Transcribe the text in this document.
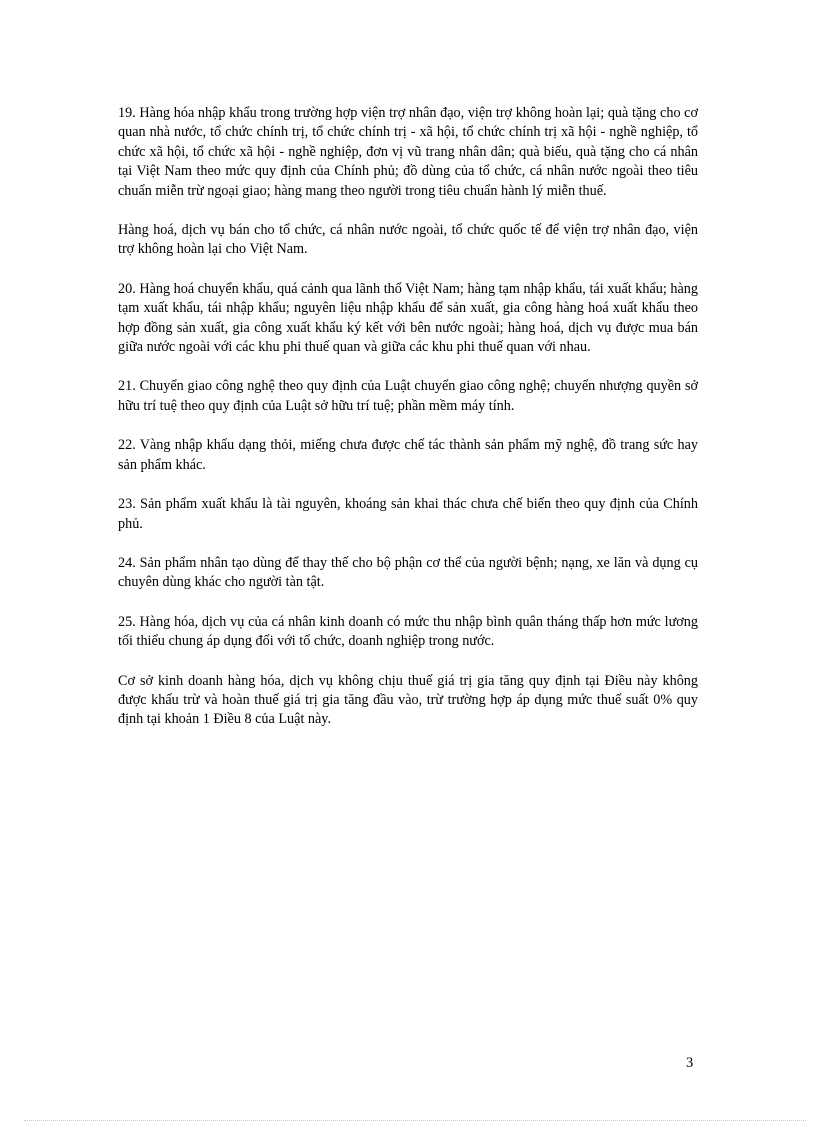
19. Hàng hóa nhập khẩu trong trường hợp viện trợ nhân đạo, viện trợ không hoàn lại; quà tặng cho cơ quan nhà nước, tổ chức chính trị, tổ chức chính trị - xã hội, tổ chức chính trị xã hội - nghề nghiệp, tổ chức xã hội, tổ chức xã hội - nghề nghiệp, đơn vị vũ trang nhân dân; quà biếu, quà tặng cho cá nhân tại Việt Nam theo mức quy định của Chính phủ; đồ dùng của tổ chức, cá nhân nước ngoài theo tiêu chuẩn miễn trừ ngoại giao; hàng mang theo người trong tiêu chuẩn hành lý miễn thuế.

Hàng hoá, dịch vụ bán cho tổ chức, cá nhân nước ngoài, tổ chức quốc tế để viện trợ nhân đạo, viện trợ không hoàn lại cho Việt Nam.

20. Hàng hoá chuyển khẩu, quá cảnh qua lãnh thổ Việt Nam; hàng tạm nhập khẩu, tái xuất khẩu; hàng tạm xuất khẩu, tái nhập khẩu; nguyên liệu nhập khẩu để sản xuất, gia công hàng hoá xuất khẩu theo hợp đồng sản xuất, gia công xuất khẩu ký kết với bên nước ngoài; hàng hoá, dịch vụ được mua bán giữa nước ngoài với các khu phi thuế quan và giữa các khu phi thuế quan với nhau.

21. Chuyển giao công nghệ theo quy định của Luật chuyển giao công nghệ; chuyển nhượng quyền sở hữu trí tuệ theo quy định của Luật sở hữu trí tuệ; phần mềm máy tính.

22. Vàng nhập khẩu dạng thỏi, miếng chưa được chế tác thành sản phẩm mỹ nghệ, đồ trang sức hay sản phẩm khác.

23. Sản phẩm xuất khẩu là tài nguyên, khoáng sản khai thác chưa chế biến theo quy định của Chính phủ.

24. Sản phẩm nhân tạo dùng để thay thế cho bộ phận cơ thể của người bệnh; nạng, xe lăn và dụng cụ chuyên dùng khác cho người tàn tật.

25. Hàng hóa, dịch vụ của cá nhân kinh doanh có mức thu nhập bình quân tháng thấp hơn mức lương tối thiểu chung áp dụng đối với tổ chức, doanh nghiệp trong nước.

Cơ sở kinh doanh hàng hóa, dịch vụ không chịu thuế giá trị gia tăng quy định tại Điều này không được khấu trừ và hoàn thuế giá trị gia tăng đầu vào, trừ trường hợp áp dụng mức thuế suất 0% quy định tại khoản 1 Điều 8 của Luật này.

3
